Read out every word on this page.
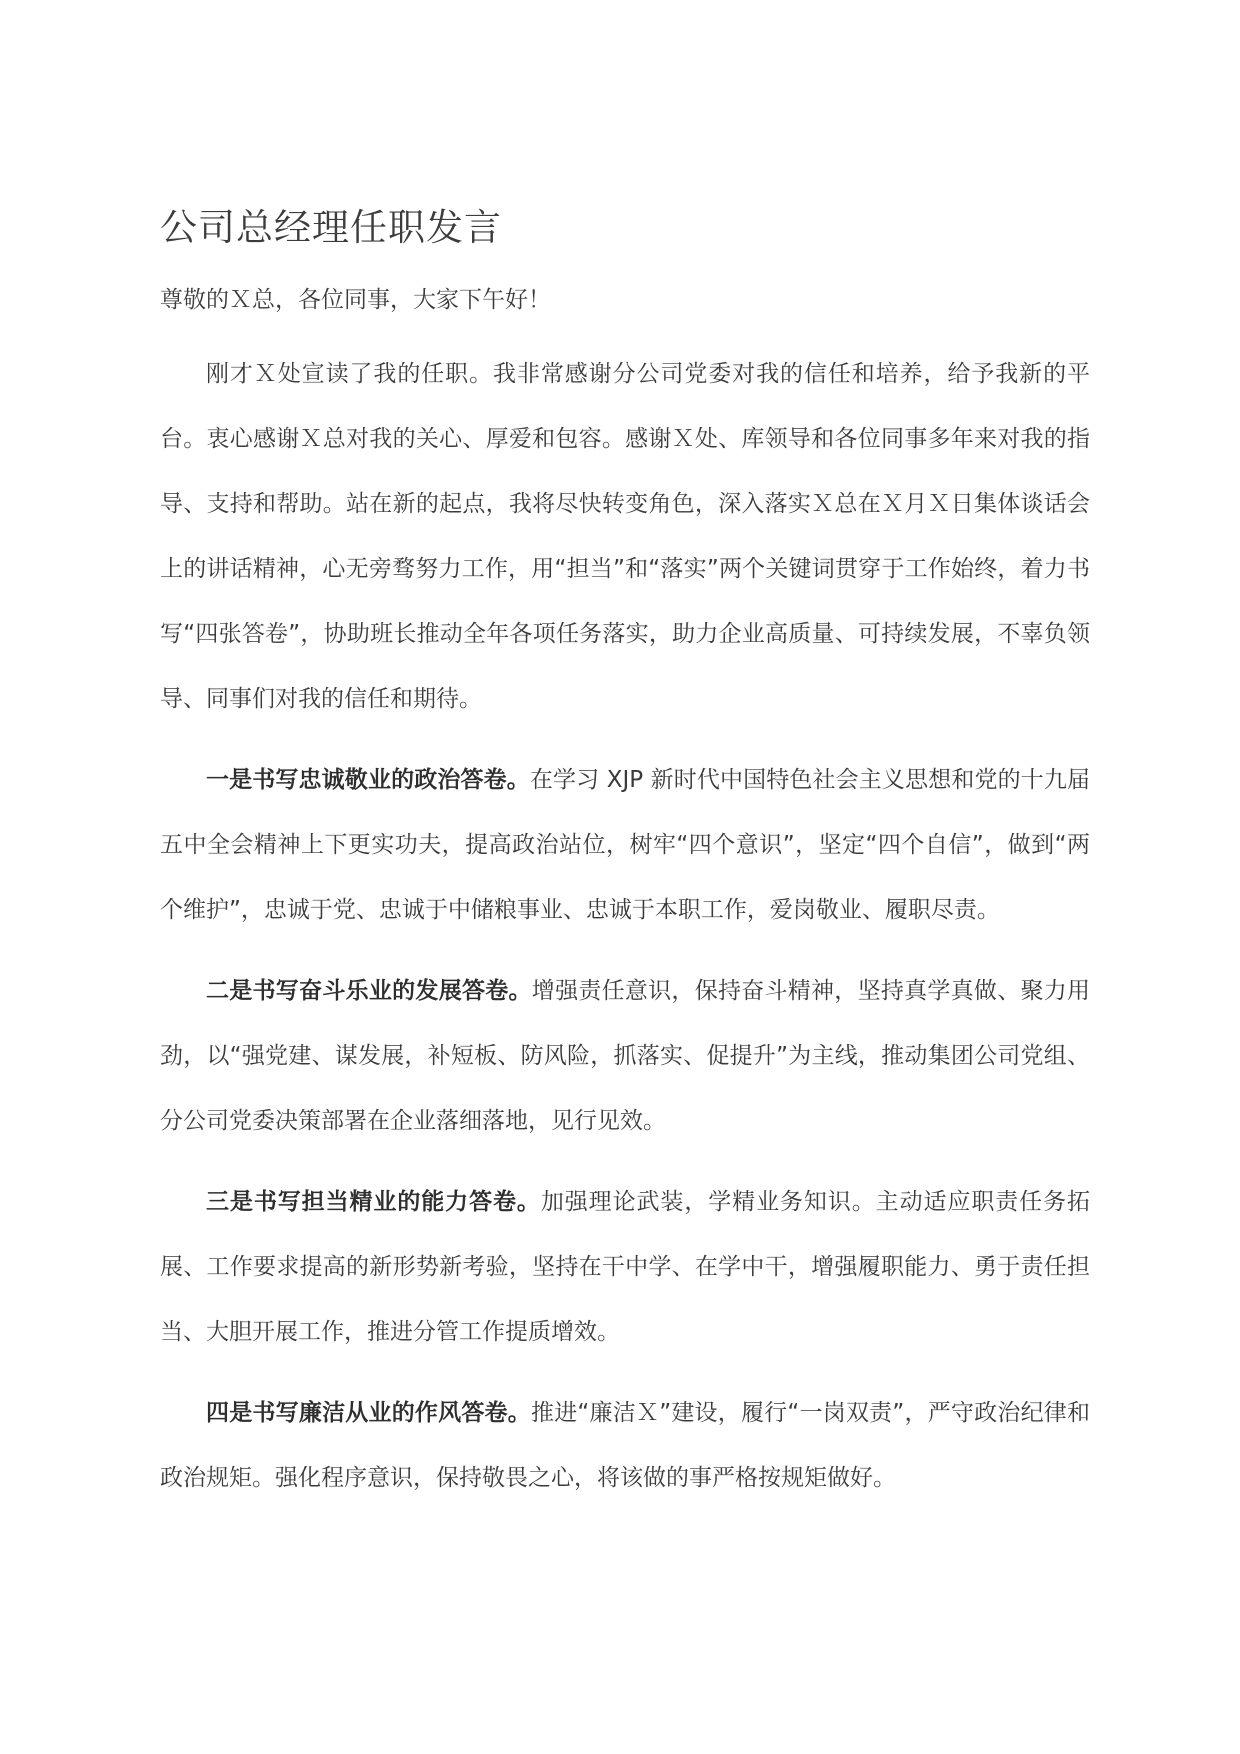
公司总经理任职发言

尊敬的Ｘ总，各位同事，大家下午好！

刚才Ｘ处宣读了我的任职。我非常感谢分公司党委对我的信任和培养，给予我新的平台。衷心感谢Ｘ总对我的关心、厚爱和包容。感谢Ｘ处、库领导和各位同事多年来对我的指导、支持和帮助。站在新的起点，我将尽快转变角色，深入落实Ｘ总在Ｘ月Ｘ日集体谈话会上的讲话精神，心无旁骛努力工作，用“担当”和“落实”两个关键词贯穿于工作始终，着力书写“四张答卷”，协助班长推动全年各项任务落实，助力企业高质量、可持续发展，不辜负领导、同事们对我的信任和期待。

一是书写忠诚敬业的政治答卷。在学习 XJP 新时代中国特色社会主义思想和党的十九届五中全会精神上下更实功夫，提高政治站位，树牢“四个意识”，坚定“四个自信”，做到“两个维护”，忠诚于党、忠诚于中储粮事业、忠诚于本职工作，爱岗敬业、履职尽责。

二是书写奋斗乐业的发展答卷。增强责任意识，保持奋斗精神，坚持真学真做、聚力用劲，以“强党建、谋发展，补短板、防风险，抓落实、促提升”为主线，推动集团公司党组、分公司党委决策部署在企业落细落地，见行见效。

三是书写担当精业的能力答卷。加强理论武装，学精业务知识。主动适应职责任务拓展、工作要求提高的新形势新考验，坚持在干中学、在学中干，增强履职能力、勇于责任担当、大胆开展工作，推进分管工作提质增效。

四是书写廉洁从业的作风答卷。推进“廉洁Ｘ”建设，履行“一岗双责”，严守政治纪律和政治规矩。强化程序意识，保持敬畏之心，将该做的事严格按规矩做好。
